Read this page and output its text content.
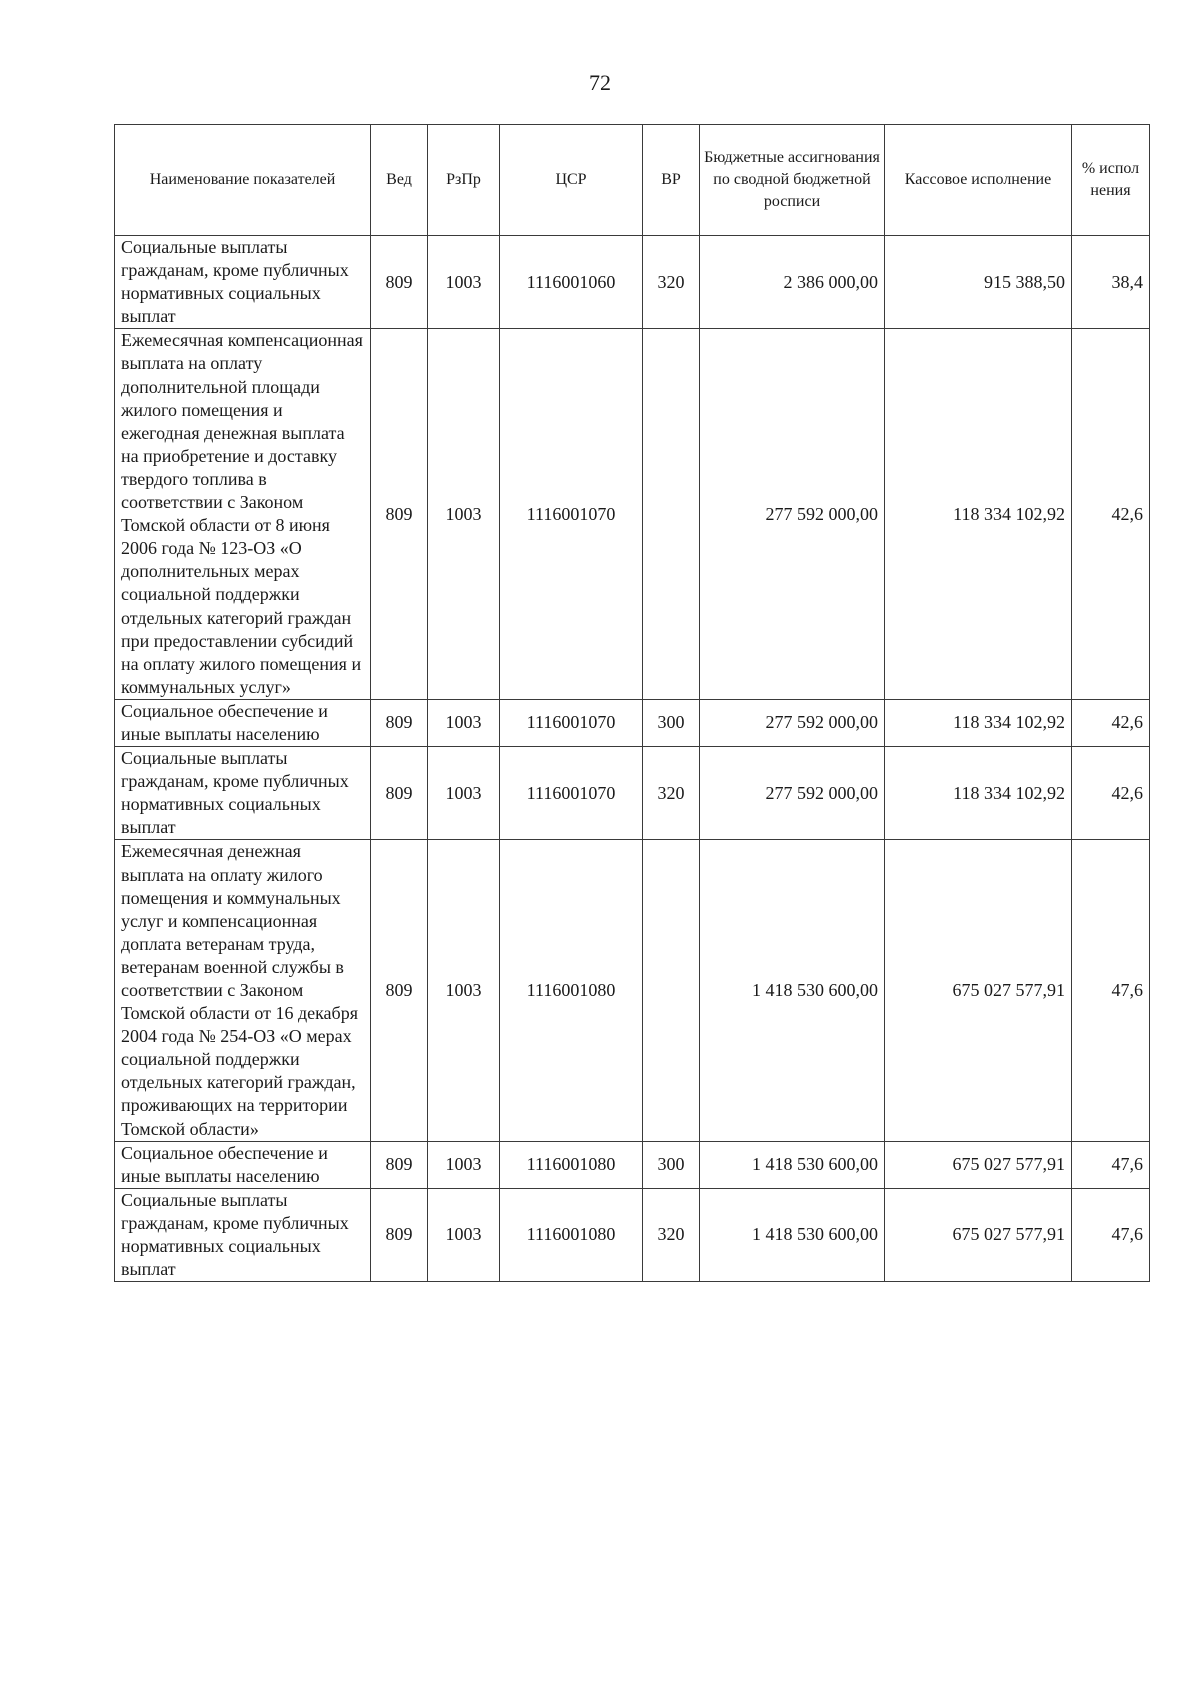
72
Наименование показателей	Вед	РзПр	ЦСР	ВР	Бюджетные ассигнования по сводной бюджетной росписи	Кассовое исполнение	% испол нения
Социальные выплаты гражданам, кроме публичных нормативных социальных выплат	809	1003	1116001060	320	2 386 000,00	915 388,50	38,4
Ежемесячная компенсационная выплата на оплату дополнительной площади жилого помещения и ежегодная денежная выплата на приобретение и доставку твердого топлива в соответствии с Законом Томской области от 8 июня 2006 года № 123-ОЗ «О дополнительных мерах социальной поддержки отдельных категорий граждан при предоставлении субсидий на оплату жилого помещения и коммунальных услуг»	809	1003	1116001070		277 592 000,00	118 334 102,92	42,6
Социальное обеспечение и иные выплаты населению	809	1003	1116001070	300	277 592 000,00	118 334 102,92	42,6
Социальные выплаты гражданам, кроме публичных нормативных социальных выплат	809	1003	1116001070	320	277 592 000,00	118 334 102,92	42,6
Ежемесячная денежная выплата на оплату жилого помещения и коммунальных услуг и компенсационная доплата ветеранам труда, ветеранам военной службы в соответствии с Законом Томской области от 16 декабря 2004 года № 254-ОЗ «О мерах социальной поддержки отдельных категорий граждан, проживающих на территории Томской области»	809	1003	1116001080		1 418 530 600,00	675 027 577,91	47,6
Социальное обеспечение и иные выплаты населению	809	1003	1116001080	300	1 418 530 600,00	675 027 577,91	47,6
Социальные выплаты гражданам, кроме публичных нормативных социальных выплат	809	1003	1116001080	320	1 418 530 600,00	675 027 577,91	47,6
